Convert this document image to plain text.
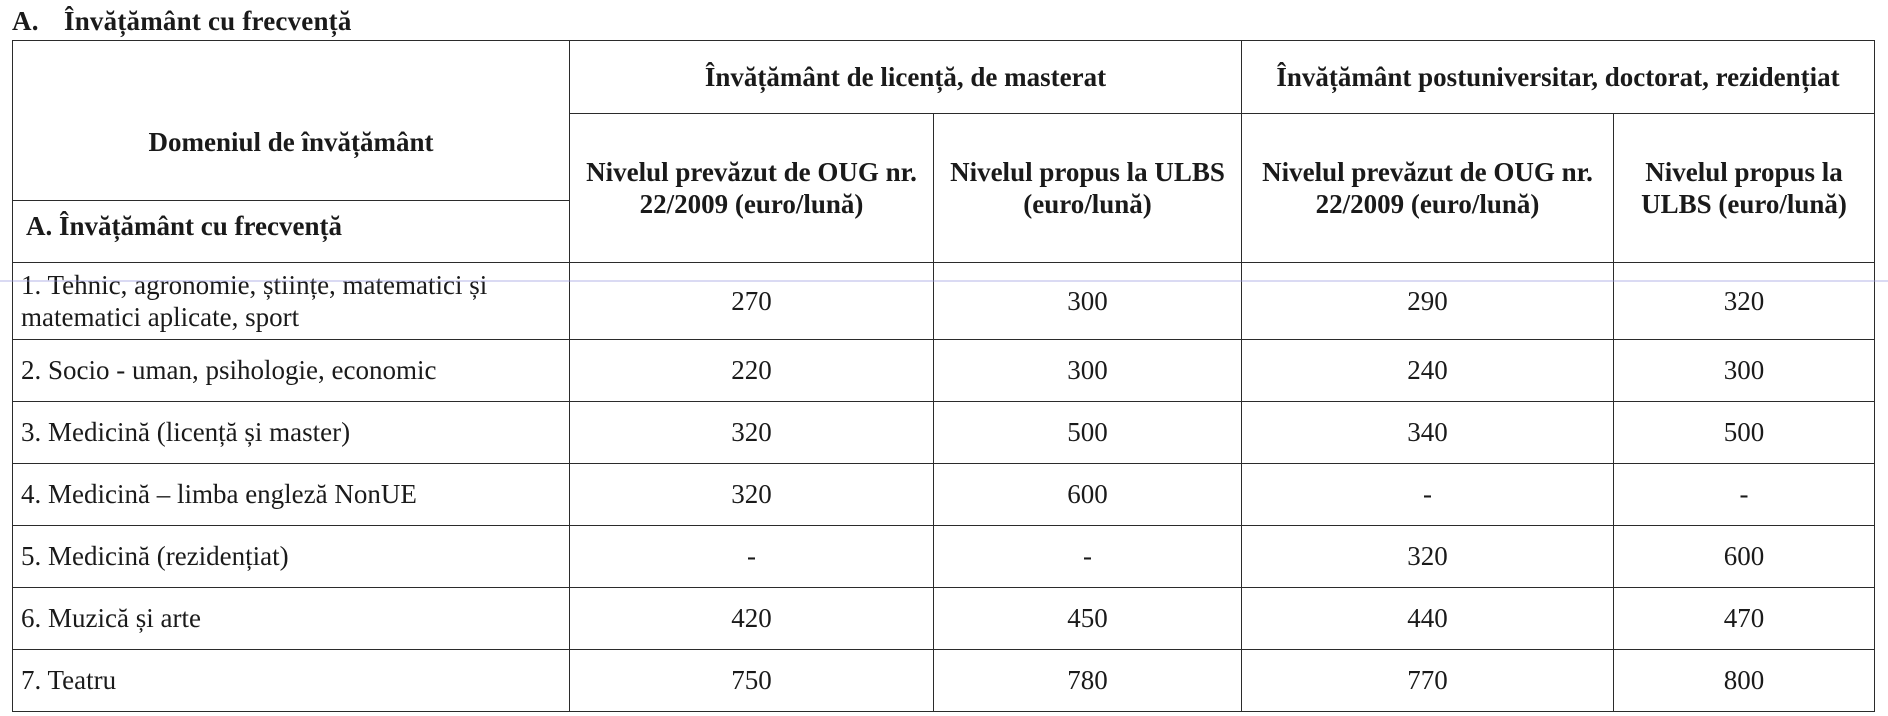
A. Învățământ cu frecvență
Domeniul de învățământ	Învățământ de licență, de masterat		Învățământ postuniversitar, doctorat, rezidențiat	
	Nivelul prevăzut de OUG nr. 22/2009 (euro/lună)	Nivelul propus la ULBS (euro/lună)	Nivelul prevăzut de OUG nr. 22/2009 (euro/lună)	Nivelul propus la ULBS (euro/lună)
1. Tehnic, agronomie, științe, matematici și matematici aplicate, sport	270	300	290	320
2. Socio - uman, psihologie, economic	220	300	240	300
3. Medicină (licență și master)	320	500	340	500
4. Medicină – limba engleză NonUE	320	600	-	-
5. Medicină (rezidențiat)	-	-	320	600
6. Muzică și arte	420	450	440	470
7. Teatru	750	780	770	800
A. Învățământ cu frecvență
